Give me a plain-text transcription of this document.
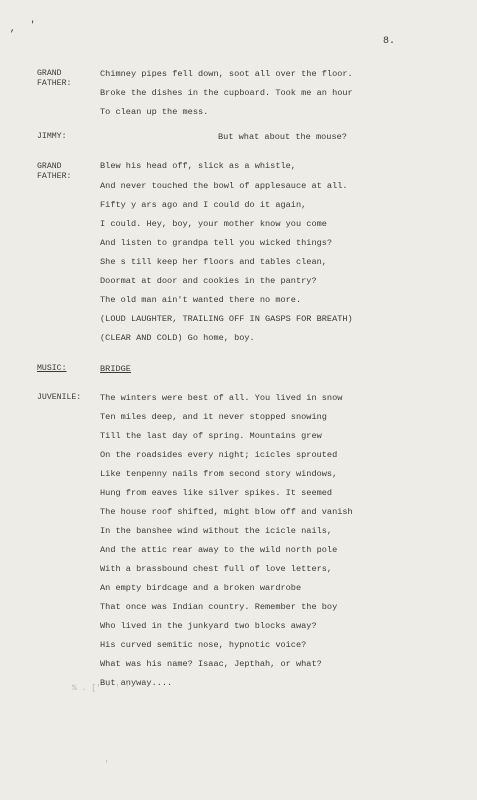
, '
8.
GRAND
FATHER:
Chimney pipes fell down, soot all over the floor.
Broke the dishes in the cupboard. Took me an hour
To clean up the mess.
JIMMY:	But what about the mouse?
GRAND
FATHER:
Blew his head off, slick as a whistle,
And never touched the bowl of applesauce at all.
Fifty y ars ago and I could do it again,
I could. Hey, boy, your mother know you come
And listen to grandpa tell you wicked things?
She s till keep her floors and tables clean,
Doormat at door and cookies in the pantry?
The old man ain't wanted there no more.
(LOUD LAUGHTER, TRAILING OFF IN GASPS FOR BREATH)
(CLEAR AND COLD) Go home, boy.
MUSIC:	BRIDGE
JUVENILE:	The winters were best of all. You lived in snow
Ten miles deep, and it never stopped snowing
Till the last day of spring. Mountains grew
On the roadsides every night; icicles sprouted
Like tenpenny nails from second story windows,
Hung from eaves like silver spikes. It seemed
The house roof shifted, might blow off and vanish
In the banshee wind without the icicle nails,
And the attic rear away to the wild north pole
With a brassbound chest full of love letters,
An empty birdcage and a broken wardrobe
That once was Indian country. Remember the boy
Who lived in the junkyard two blocks away?
His curved semitic nose, hypnotic voice?
What was his name? Isaac, Jepthah, or what?
But anyway....
% . [' ' ' '
'
